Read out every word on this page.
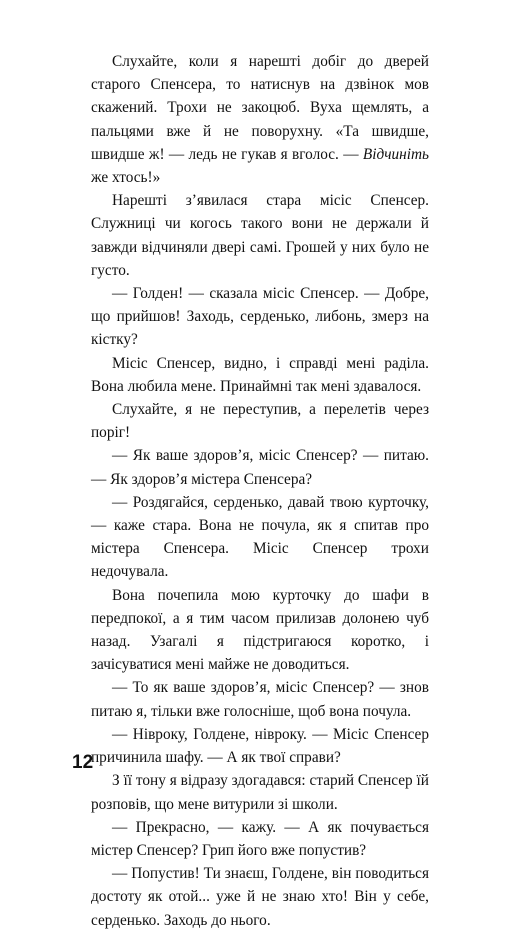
Слухайте, коли я нарешті добіг до дверей старого Спенсера, то натиснув на дзвінок мов скажений. Трохи не закоцюб. Вуха щемлять, а пальцями вже й не поворухну. «Та швидше, швидше ж! — ледь не гукав я вголос. — Відчиніть же хтось!»

Нарешті з’явилася стара місіс Спенсер. Служниці чи когось такого вони не держали й завжди відчиняли двері самі. Грошей у них було не густо.

— Голден! — сказала місіс Спенсер. — Добре, що прийшов! Заходь, серденько, либонь, змерз на кістку?

Місіс Спенсер, видно, і справді мені раділа. Вона любила мене. Принаймні так мені здавалося.

Слухайте, я не переступив, а перелетів через поріг!

— Як ваше здоров’я, місіс Спенсер? — питаю. — Як здоров’я містера Спенсера?

— Роздягайся, серденько, давай твою курточку, — каже стара. Вона не почула, як я спитав про містера Спенсера. Місіс Спенсер трохи недочувала.

Вона почепила мою курточку до шафи в передпокої, а я тим часом прилизав долонею чуб назад. Узагалі я підстригаюся коротко, і зачісуватися мені майже не доводиться.

— То як ваше здоров’я, місіс Спенсер? — знов питаю я, тільки вже голосніше, щоб вона почула.

— Нівроку, Голдене, нівроку. — Місіс Спенсер причинила шафу. — А як твої справи?

З її тону я відразу здогадався: старий Спенсер їй розповів, що мене витурили зі школи.

— Прекрасно, — кажу. — А як почувається містер Спенсер? Грип його вже попустив?

— Попустив! Ти знаєш, Голдене, він поводиться достоту як отой... уже й не знаю хто! Він у себе, серденько. Заходь до нього.

12
